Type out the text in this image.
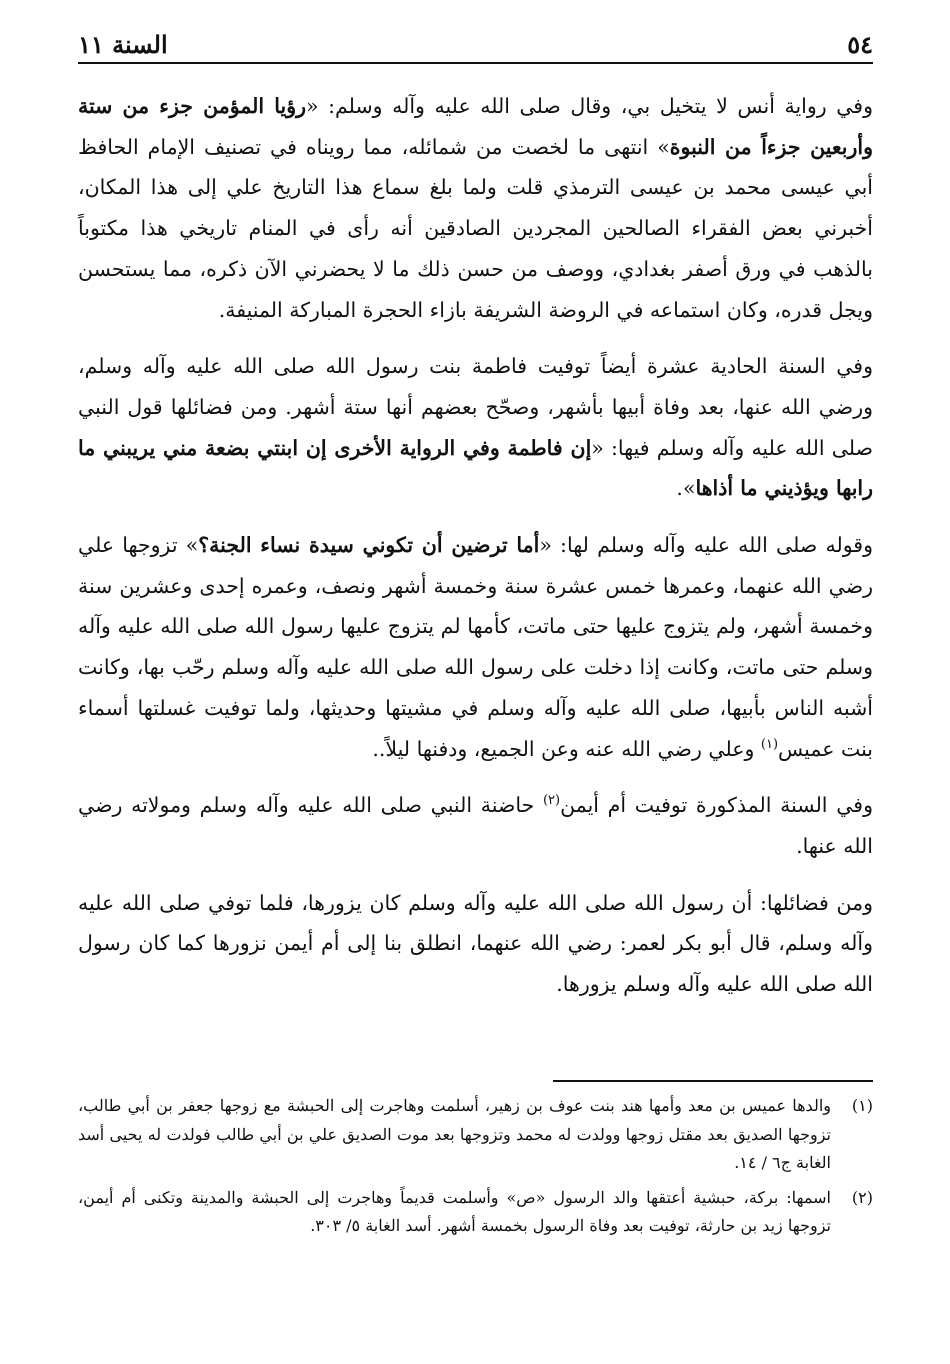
٥٤
السنة ١١

وفي رواية أنس لا يتخيل بي، وقال صلى الله عليه وآله وسلم: «رؤيا المؤمن جزء من ستة وأربعين جزءاً من النبوة» انتهى ما لخصت من شمائله، مما رويناه في تصنيف الإمام الحافظ أبي عيسى محمد بن عيسى الترمذي قلت ولما بلغ سماع هذا التاريخ علي إلى هذا المكان، أخبرني بعض الفقراء الصالحين المجردين الصادقين أنه رأى في المنام تاريخي هذا مكتوباً بالذهب في ورق أصفر بغدادي، ووصف من حسن ذلك ما لا يحضرني الآن ذكره، مما يستحسن ويجل قدره، وكان استماعه في الروضة الشريفة بازاء الحجرة المباركة المنيفة.

وفي السنة الحادية عشرة أيضاً توفيت فاطمة بنت رسول الله صلى الله عليه وآله وسلم، ورضي الله عنها، بعد وفاة أبيها بأشهر، وصحّح بعضهم أنها ستة أشهر. ومن فضائلها قول النبي صلى الله عليه وآله وسلم فيها: «إن فاطمة وفي الرواية الأخرى إن ابنتي بضعة مني يريبني ما رابها ويؤذيني ما أذاها».

وقوله صلى الله عليه وآله وسلم لها: «أما ترضين أن تكوني سيدة نساء الجنة؟» تزوجها علي رضي الله عنهما، وعمرها خمس عشرة سنة وخمسة أشهر ونصف، وعمره إحدى وعشرين سنة وخمسة أشهر، ولم يتزوج عليها حتى ماتت، كأمها لم يتزوج عليها رسول الله صلى الله عليه وآله وسلم حتى ماتت، وكانت إذا دخلت على رسول الله صلى الله عليه وآله وسلم رحّب بها، وكانت أشبه الناس بأبيها، صلى الله عليه وآله وسلم في مشيتها وحديثها، ولما توفيت غسلتها أسماء بنت عميس$^{(١)}$ وعلي رضي الله عنه وعن الجميع، ودفنها ليلاً..

وفي السنة المذكورة توفيت أم أيمن$^{(٢)}$ حاضنة النبي صلى الله عليه وآله وسلم ومولاته رضي الله عنها.

ومن فضائلها: أن رسول الله صلى الله عليه وآله وسلم كان يزورها، فلما توفي صلى الله عليه وآله وسلم، قال أبو بكر لعمر: رضي الله عنهما، انطلق بنا إلى أم أيمن نزورها كما كان رسول الله صلى الله عليه وآله وسلم يزورها.

(١)
والدها عميس بن معد وأمها هند بنت عوف بن زهير، أسلمت وهاجرت إلى الحبشة مع زوجها جعفر بن أبي طالب، تزوجها الصديق بعد مقتل زوجها وولدت له محمد وتزوجها بعد موت الصديق علي بن أبي طالب فولدت له يحيى أسد الغابة ج٦ / ١٤.
(٢)
اسمها: بركة، حبشية أعتقها والد الرسول «ص» وأسلمت قديماً وهاجرت إلى الحبشة والمدينة وتكنى أم أيمن، تزوجها زيد بن حارثة، توفيت بعد وفاة الرسول بخمسة أشهر. أسد الغابة ٥/ ٣٠٣.
